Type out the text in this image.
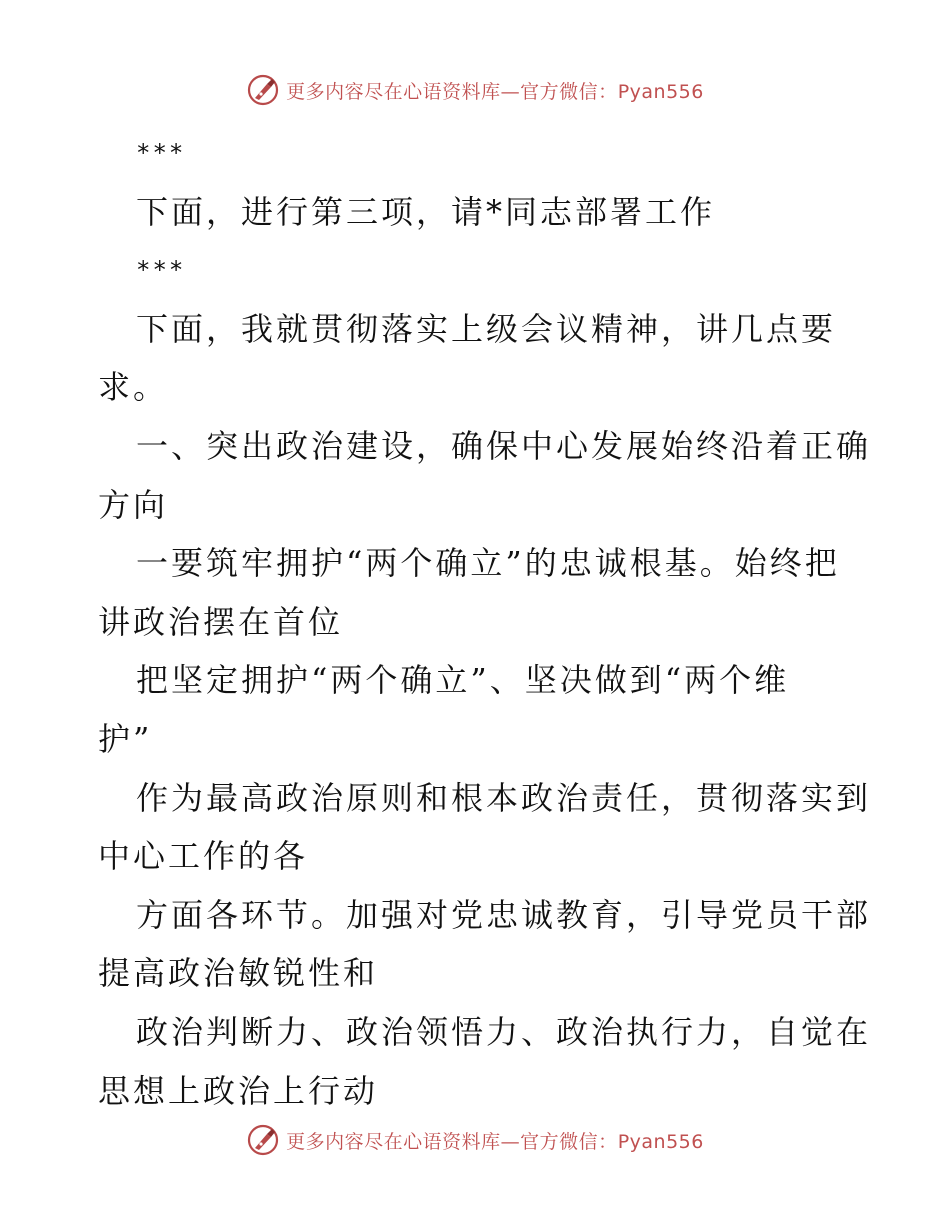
更多内容尽在心语资料库—官方微信：Pyan556
***
下面，进行第三项，请*同志部署工作
***
下面，我就贯彻落实上级会议精神，讲几点要
求。
一、突出政治建设，确保中心发展始终沿着正确
方向
一要筑牢拥护“两个确立”的忠诚根基。始终把
讲政治摆在首位
把坚定拥护“两个确立”、坚决做到“两个维
护”
作为最高政治原则和根本政治责任，贯彻落实到
中心工作的各
方面各环节。加强对党忠诚教育，引导党员干部
提高政治敏锐性和
政治判断力、政治领悟力、政治执行力，自觉在
思想上政治上行动
更多内容尽在心语资料库—官方微信：Pyan556
